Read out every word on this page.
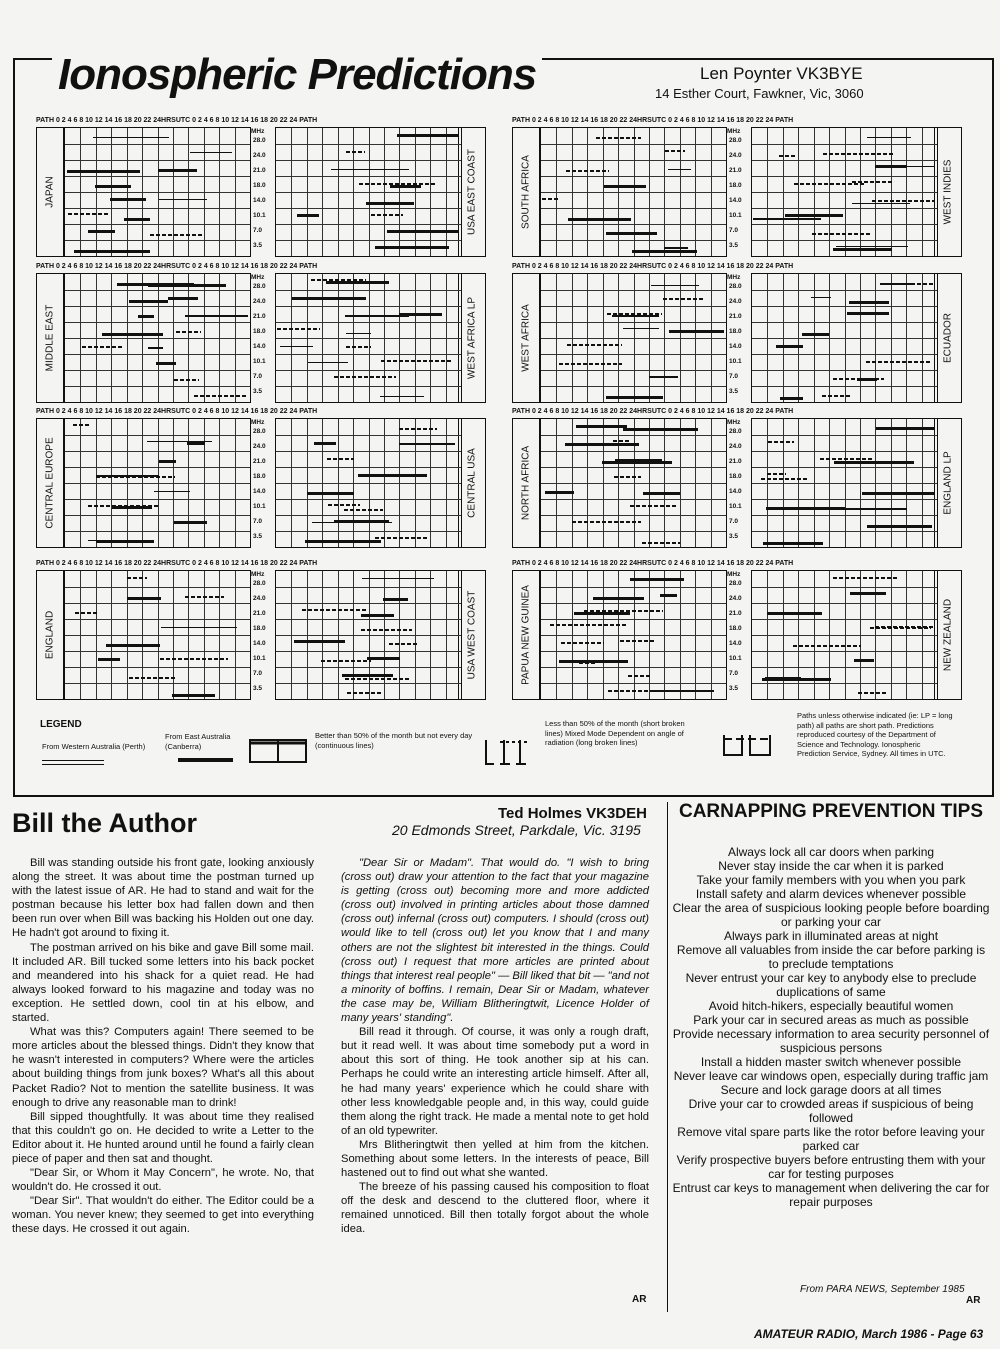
Ionospheric Predictions	Len Poynter VK3BYE
14 Esther Court, Fawkner, Vic, 3060
PATH 0 2 4 6 8 10 12 14 16 18 20 22 24HRSUTC 0 2 4 6 8 10 12 14 16 18 20 22 24 PATH
JAPAN	USA EAST COAST
MHz
28.0
24.0
21.0
18.0
14.0
10.1
7.0
3.5
PATH 0 2 4 6 8 10 12 14 16 18 20 22 24HRSUTC 0 2 4 6 8 10 12 14 16 18 20 22 24 PATH
SOUTH AFRICA	WEST INDIES
MHz
28.0
24.0
21.0
18.0
14.0
10.1
7.0
3.5
PATH 0 2 4 6 8 10 12 14 16 18 20 22 24HRSUTC 0 2 4 6 8 10 12 14 16 18 20 22 24 PATH
MIDDLE EAST	WEST AFRICA LP
MHz
28.0
24.0
21.0
18.0
14.0
10.1
7.0
3.5
PATH 0 2 4 6 8 10 12 14 16 18 20 22 24HRSUTC 0 2 4 6 8 10 12 14 16 18 20 22 24 PATH
WEST AFRICA	ECUADOR
MHz
28.0
24.0
21.0
18.0
14.0
10.1
7.0
3.5
PATH 0 2 4 6 8 10 12 14 16 18 20 22 24HRSUTC 0 2 4 6 8 10 12 14 16 18 20 22 24 PATH
CENTRAL EUROPE	CENTRAL USA
MHz
28.0
24.0
21.0
18.0
14.0
10.1
7.0
3.5
PATH 0 2 4 6 8 10 12 14 16 18 20 22 24HRSUTC 0 2 4 6 8 10 12 14 16 18 20 22 24 PATH
NORTH AFRICA	ENGLAND LP
MHz
28.0
24.0
21.0
18.0
14.0
10.1
7.0
3.5
PATH 0 2 4 6 8 10 12 14 16 18 20 22 24HRSUTC 0 2 4 6 8 10 12 14 16 18 20 22 24 PATH
ENGLAND	USA WEST COAST
MHz
28.0
24.0
21.0
18.0
14.0
10.1
7.0
3.5
PATH 0 2 4 6 8 10 12 14 16 18 20 22 24HRSUTC 0 2 4 6 8 10 12 14 16 18 20 22 24 PATH
PAPUA NEW GUINEA	NEW ZEALAND
MHz
28.0
24.0
21.0
18.0
14.0
10.1
7.0
3.5
LEGEND
From Western Australia (Perth)
From East Australia (Canberra)
Better than 50% of the month but not every day (continuous lines)
Less than 50% of the month (short broken lines) Mixed Mode Dependent on angle of radiation (long broken lines)
Paths unless otherwise indicated (ie: LP = long path) all paths are short path. Predictions reproduced courtesy of the Department of Science and Technology. Ionospheric Prediction Service, Sydney. All times in UTC.
Bill the Author	Ted Holmes VK3DEH
20 Edmonds Street, Parkdale, Vic. 3195

Bill was standing outside his front gate, looking anxiously along the street. It was about time the postman turned up with the latest issue of AR. He had to stand and wait for the postman because his letter box had fallen down and then been run over when Bill was backing his Holden out one day. He hadn't got around to fixing it.

The postman arrived on his bike and gave Bill some mail. It included AR. Bill tucked some letters into his back pocket and meandered into his shack for a quiet read. He had always looked forward to his magazine and today was no exception. He settled down, cool tin at his elbow, and started.

What was this? Computers again! There seemed to be more articles about the blessed things. Didn't they know that he wasn't interested in computers? Where were the articles about building things from junk boxes? What's all this about Packet Radio? Not to mention the satellite business. It was enough to drive any reasonable man to drink!

Bill sipped thoughtfully. It was about time they realised that this couldn't go on. He decided to write a Letter to the Editor about it. He hunted around until he found a fairly clean piece of paper and then sat and thought.

"Dear Sir, or Whom it May Concern", he wrote. No, that wouldn't do. He crossed it out.

"Dear Sir". That wouldn't do either. The Editor could be a woman. You never knew; they seemed to get into everything these days. He crossed it out again.

"Dear Sir or Madam". That would do. "I wish to bring (cross out) draw your attention to the fact that your magazine is getting (cross out) becoming more and more addicted (cross out) involved in printing articles about those damned (cross out) infernal (cross out) computers. I should (cross out) would like to tell (cross out) let you know that I and many others are not the slightest bit interested in the things. Could (cross out) I request that more articles are printed about things that interest real people" — Bill liked that bit — "and not a minority of boffins. I remain, Dear Sir or Madam, whatever the case may be, William Blitheringtwit, Licence Holder of many years' standing".

Bill read it through. Of course, it was only a rough draft, but it read well. It was about time somebody put a word in about this sort of thing. He took another sip at his can. Perhaps he could write an interesting article himself. After all, he had many years' experience which he could share with other less knowledgable people and, in this way, could guide them along the right track. He made a mental note to get hold of an old typewriter.

Mrs Blitheringtwit then yelled at him from the kitchen. Something about some letters. In the interests of peace, Bill hastened out to find out what she wanted.

The breeze of his passing caused his composition to float off the desk and descend to the cluttered floor, where it remained unnoticed. Bill then totally forgot about the whole idea.

AR
CARNAPPING PREVENTION TIPS
Always lock all car doors when parking
Never stay inside the car when it is parked
Take your family members with you when you park
Install safety and alarm devices whenever possible
Clear the area of suspicious looking people before boarding or parking your car
Always park in illuminated areas at night
Remove all valuables from inside the car before parking is to preclude temptations
Never entrust your car key to anybody else to preclude duplications of same
Avoid hitch-hikers, especially beautiful women
Park your car in secured areas as much as possible
Provide necessary information to area security personnel of suspicious persons
Install a hidden master switch whenever possible
Never leave car windows open, especially during traffic jam
Secure and lock garage doors at all times
Drive your car to crowded areas if suspicious of being followed
Remove vital spare parts like the rotor before leaving your parked car
Verify prospective buyers before entrusting them with your car for testing purposes
Entrust car keys to management when delivering the car for repair purposes
From PARA NEWS, September 1985
AR
AMATEUR RADIO, March 1986 - Page 63
